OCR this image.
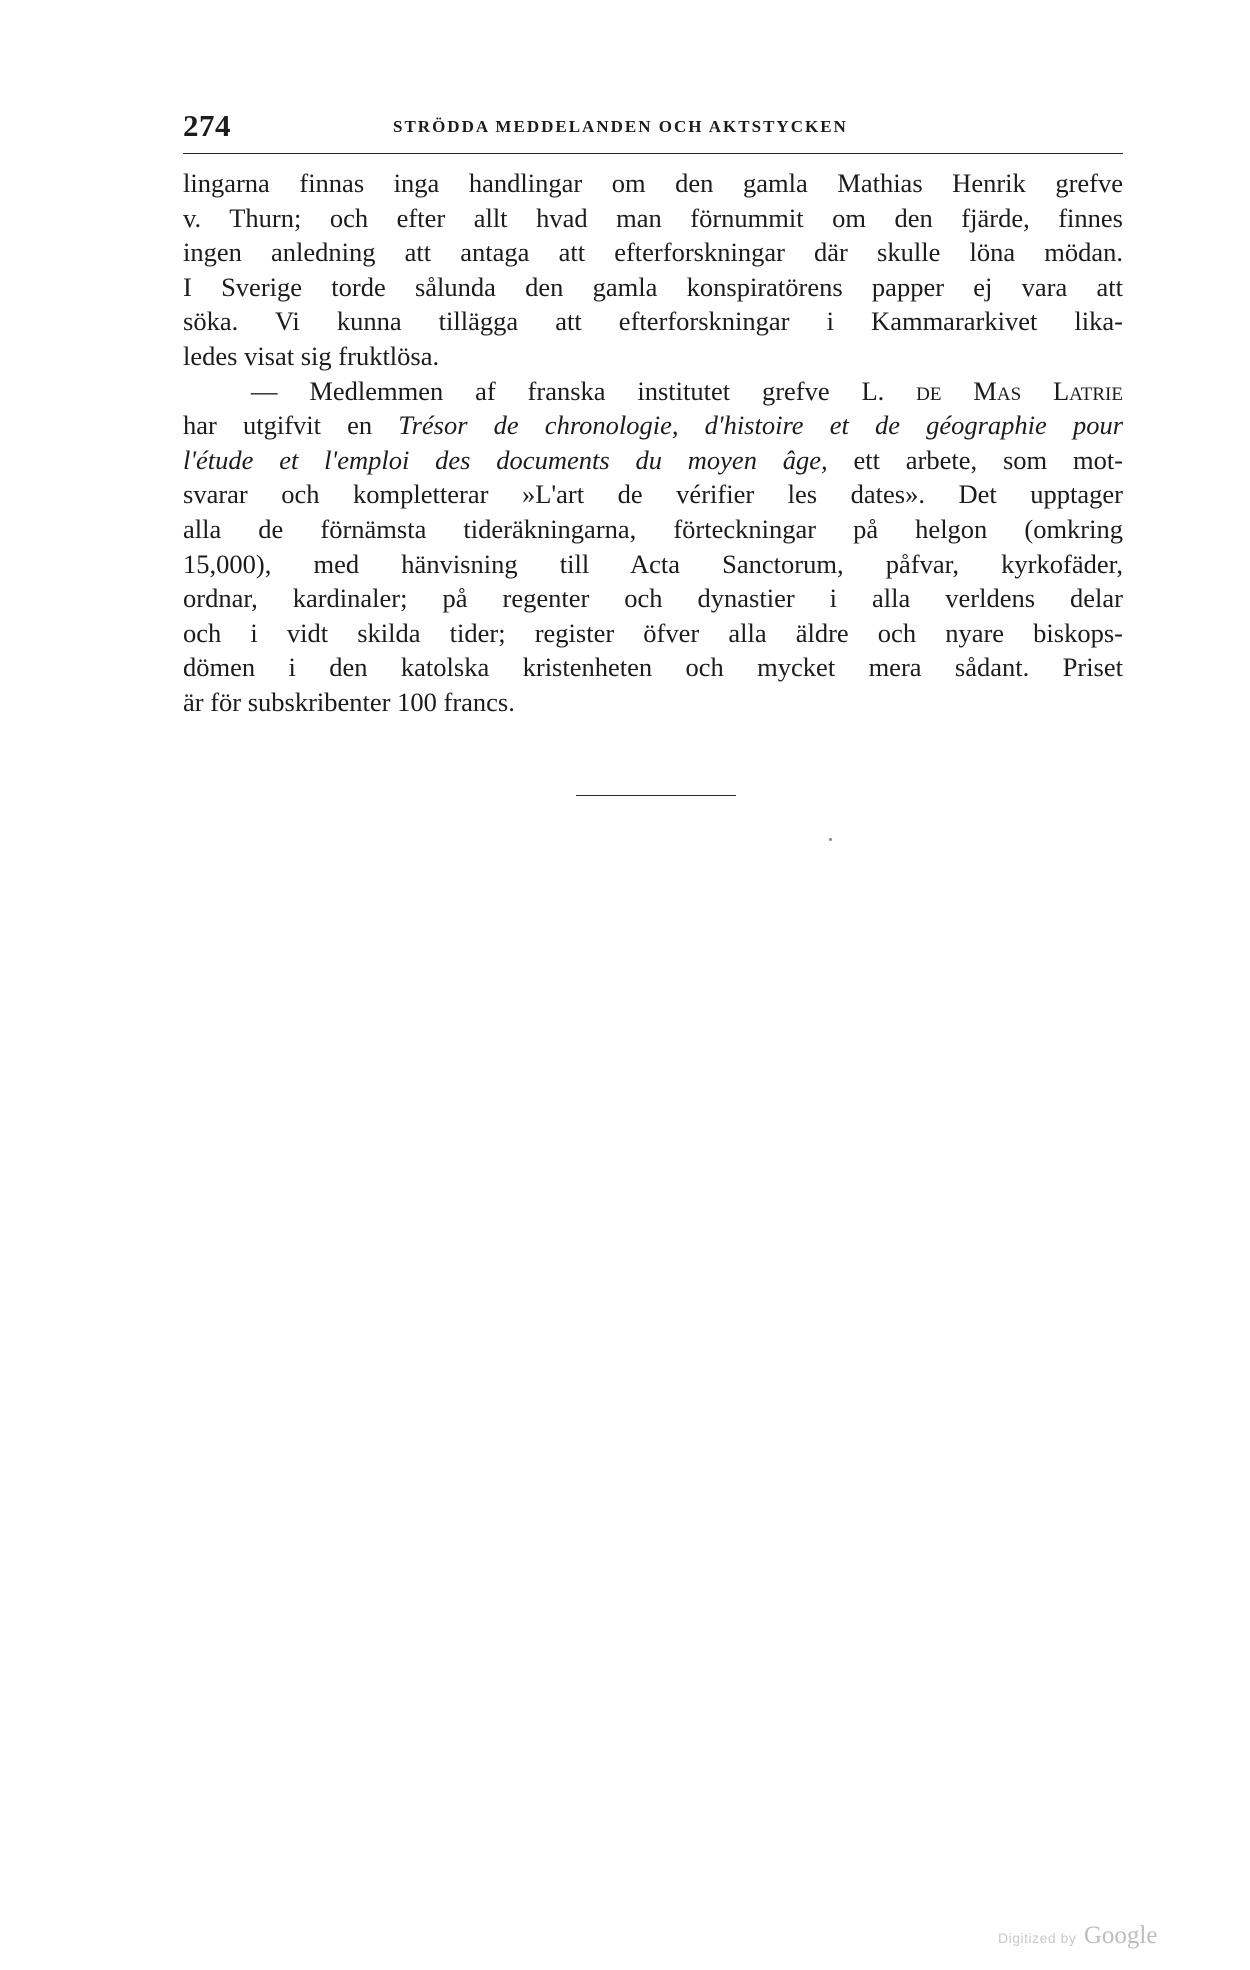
274	STRÖDDA MEDDELANDEN OCH AKTSTYCKEN
lingarna finnas inga handlingar om den gamla Mathias Henrik grefve
v. Thurn; och efter allt hvad man förnummit om den fjärde, finnes
ingen anledning att antaga att efterforskningar där skulle löna mödan.
I Sverige torde sålunda den gamla konspiratörens papper ej vara att
söka. Vi kunna tillägga att efterforskningar i Kammararkivet lika-
ledes visat sig fruktlösa.
— Medlemmen af franska institutet grefve L. de Mas Latrie
har utgifvit en Trésor de chronologie, d'histoire et de géographie pour
l'étude et l'emploi des documents du moyen âge, ett arbete, som mot-
svarar och kompletterar »L'art de vérifier les dates». Det upptager
alla de förnämsta tideräkningarna, förteckningar på helgon (omkring
15,000), med hänvisning till Acta Sanctorum, påfvar, kyrkofäder,
ordnar, kardinaler; på regenter och dynastier i alla verldens delar
och i vidt skilda tider; register öfver alla äldre och nyare biskops-
dömen i den katolska kristenheten och mycket mera sådant. Priset
är för subskribenter 100 francs.
Digitized by Google
